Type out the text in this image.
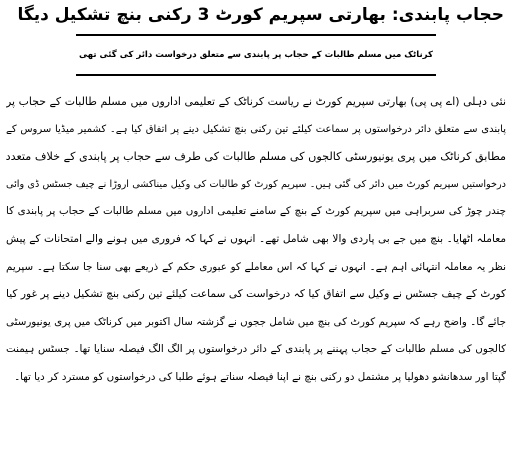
حجاب پابندی: بھارتی سپریم کورٹ 3 رکنی بنچ تشکیل دیگا
کرناٹک میں مسلم طالبات کے حجاب پر پابندی سے متعلق درخواست دائر کی گئی تھی
نئی دہلی (اے پی پی) بھارتی سپریم کورٹ نے ریاست کرناٹک کے تعلیمی اداروں میں مسلم طالبات کے حجاب پر
پابندی سے متعلق دائر درخواستوں پر سماعت کیلئے تین رکنی بنچ تشکیل دینے پر اتفاق کیا ہے۔ کشمیر میڈیا سروس کے
مطابق کرناٹک میں پری یونیورسٹی کالجوں کی مسلم طالبات کی طرف سے حجاب پر پابندی کے خلاف متعدد
درخواستیں سپریم کورٹ میں دائر کی گئی ہیں۔ سپریم کورٹ کو طالبات کی وکیل میناکشی اروڑا نے چیف جسٹس ڈی وائی
چندر چوڑ کی سربراہی میں سپریم کورٹ کے بنچ کے سامنے تعلیمی اداروں میں مسلم طالبات کے حجاب پر پابندی کا
معاملہ اٹھایا۔ بنچ میں جے بی پاردی والا بھی شامل تھے۔ انہوں نے کہا کہ فروری میں ہونے والے امتحانات کے پیش
نظر یہ معاملہ انتہائی اہم ہے۔ انہوں نے کہا کہ اس معاملے کو عبوری حکم کے ذریعے بھی سنا جا سکتا ہے۔ سپریم
کورٹ کے چیف جسٹس نے وکیل سے اتفاق کیا کہ درخواست کی سماعت کیلئے تین رکنی بنچ تشکیل دینے پر غور کیا
جائے گا۔ واضح رہے کہ سپریم کورٹ کی بنچ میں شامل ججوں نے گزشتہ سال اکتوبر میں کرناٹک میں پری یونیورسٹی
کالجوں کی مسلم طالبات کے حجاب پہننے پر پابندی کے دائر درخواستوں پر الگ الگ فیصلہ سنایا تھا۔ جسٹس ہیمنت
گپتا اور سدھانشو دھولیا پر مشتمل دو رکنی بنچ نے اپنا فیصلہ سناتے ہوئے طلبا کی درخواستوں کو مسترد کر دیا تھا۔
